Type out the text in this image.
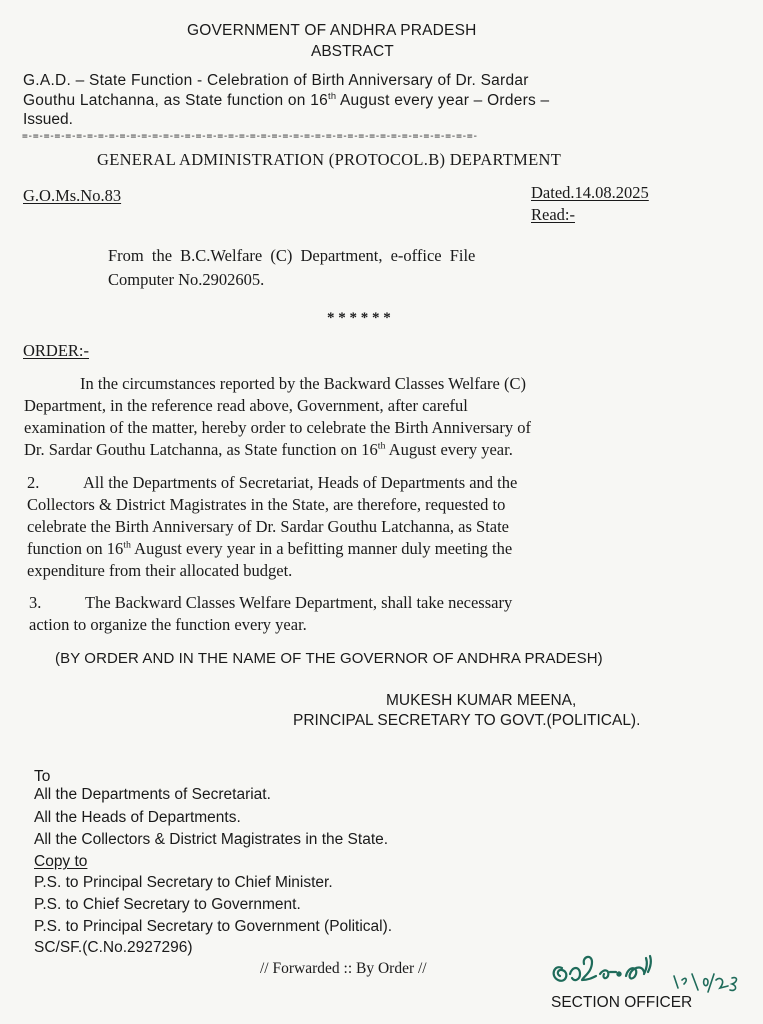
GOVERNMENT OF ANDHRA PRADESH
ABSTRACT
G.A.D. – State Function - Celebration of Birth Anniversary of Dr. Sardar
Gouthu Latchanna, as State function on 16th August every year – Orders –
Issued.
=-=-=-=-=-=-=-=-=-=-=-=-=-=-=-=-=-=-=-=-=-=-=-=-=-=-=-=-=-=-=-=-=-=-=-=-=-=-=-=-=-=-
GENERAL ADMINISTRATION (PROTOCOL.B) DEPARTMENT
G.O.Ms.No.83	Dated.14.08.2025
Read:-
From the B.C.Welfare (C) Department, e-office File
Computer No.2902605.
* * * * * *
ORDER:-
In the circumstances reported by the Backward Classes Welfare (C)
Department, in the reference read above, Government, after careful
examination of the matter, hereby order to celebrate the Birth Anniversary of
Dr. Sardar Gouthu Latchanna, as State function on 16th August every year.
2.	All the Departments of Secretariat, Heads of Departments and the
Collectors & District Magistrates in the State, are therefore, requested to
celebrate the Birth Anniversary of Dr. Sardar Gouthu Latchanna, as State
function on 16th August every year in a befitting manner duly meeting the
expenditure from their allocated budget.
3.	The Backward Classes Welfare Department, shall take necessary
action to organize the function every year.
(BY ORDER AND IN THE NAME OF THE GOVERNOR OF ANDHRA PRADESH)
MUKESH KUMAR MEENA,
PRINCIPAL SECRETARY TO GOVT.(POLITICAL).
To
All the Departments of Secretariat.
All the Heads of Departments.
All the Collectors & District Magistrates in the State.
Copy to
P.S. to Principal Secretary to Chief Minister.
P.S. to Chief Secretary to Government.
P.S. to Principal Secretary to Government (Political).
SC/SF.(C.No.2927296)
// Forwarded :: By Order //
SECTION OFFICER
